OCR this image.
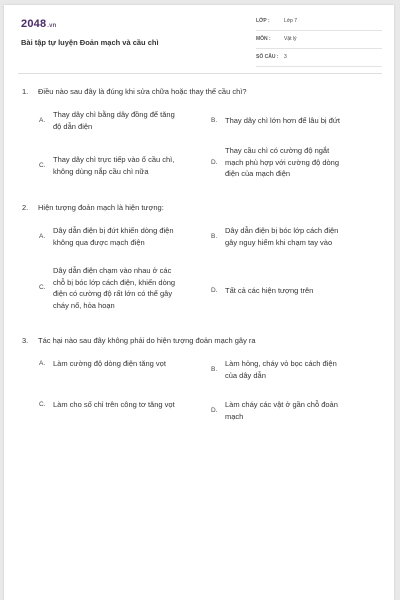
2048.vn
Bài tập tự luyện Đoản mạch và cầu chì
LỚP :	Lớp 7
MÔN :	Vật lý
SỐ CÂU : 3
1. Điều nào sau đây là đúng khi sửa chữa hoặc thay thế cầu chì?
A.
Thay dây chì bằng dây đồng để tăng
độ dẫn điện
B. Thay dây chì lớn hơn để lâu bị đứt
C.
Thay dây chì trực tiếp vào ổ cầu chì,
không dùng nắp cầu chì nữa
D.
Thay cầu chì có cường độ ngắt
mạch phù hợp với cường độ dòng
điện của mạch điện
2. Hiện tượng đoản mạch là hiện tượng:
A.
Dây dẫn điện bị đứt khiến dòng điện
không qua được mạch điện
B.
Dây dẫn điện bị bóc lớp cách điện
gây nguy hiểm khi chạm tay vào
C.
Dây dẫn điện chạm vào nhau ở các
chỗ bị bóc lớp cách điện, khiến dòng
điện có cường độ rất lớn có thể gây
cháy nổ, hỏa hoạn
D. Tất cả các hiện tượng trên
3. Tác hại nào sau đây không phải do hiện tượng đoản mạch gây ra
A. Làm cường độ dòng điện tăng vọt
B.
Làm hỏng, cháy vỏ bọc cách điện
của dây dẫn
C. Làm cho số chỉ trên công tơ tăng vọt
D.
Làm cháy các vật ở gần chỗ đoản
mạch
